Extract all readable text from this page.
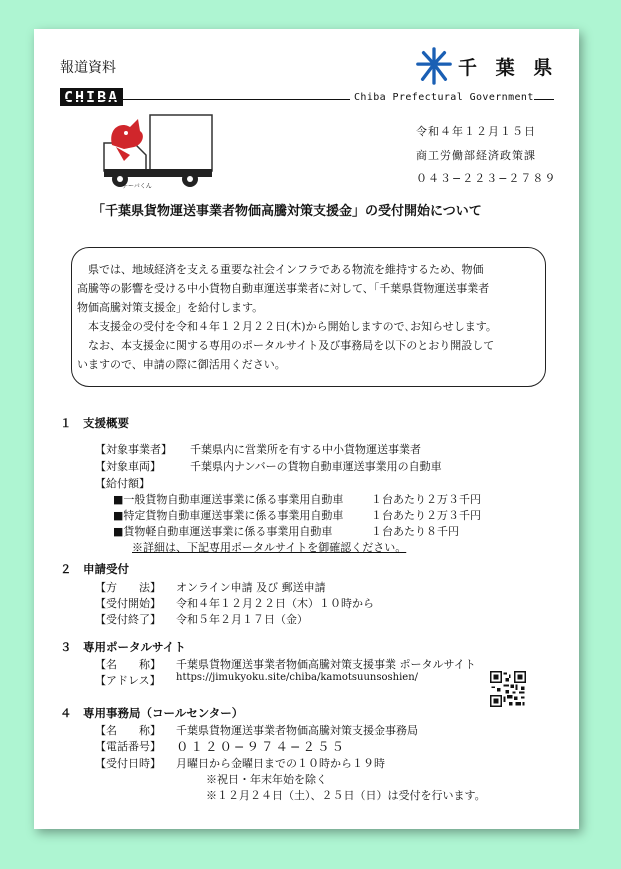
報道資料	千 葉 県
CHIBA	Chiba Prefectural Government
チーバくん
令和４年１２月１５日
商工労働部経済政策課
０４３−２２３−２７８９
「千葉県貨物運送事業者物価高騰対策支援金」の受付開始について
　県では、地域経済を支える重要な社会インフラである物流を維持するため、物価
高騰等の影響を受ける中小貨物自動車運送事業者に対して、「千葉県貨物運送事業者
物価高騰対策支援金」を給付します。
　本支援金の受付を令和４年１２月２２日(木)から開始しますので､お知らせします。
　なお、本支援金に関する専用のポータルサイト及び事務局を以下のとおり開設して
いますので、申請の際に御活用ください。
１　支援概要
【対象事業者】 千葉県内に営業所を有する中小貨物運送事業者
【対象車両】	千葉県内ナンバーの貨物自動車運送事業用の自動車
【給付額】
■一般貨物自動車運送事業に係る事業用自動車	１台あたり２万３千円
■特定貨物自動車運送事業に係る事業用自動車	１台あたり２万３千円
■貨物軽自動車運送事業に係る事業用自動車	１台あたり８千円
※詳細は、下記専用ポータルサイトを御確認ください。
２　申請受付
【方　　法】 オンライン申請 及び 郵送申請
【受付開始】 令和４年１２月２２日（木）１０時から
【受付終了】 令和５年２月１７日（金）
３　専用ポータルサイト
【名　　称】 千葉県貨物運送事業者物価高騰対策支援事業 ポータルサイト
【アドレス】 https://jimukyoku.site/chiba/kamotsuunsoshien/
４　専用事務局（コールセンター）
【名　　称】 千葉県貨物運送事業者物価高騰対策支援金事務局
【電話番号】 ０１２０−９７４−２５５
【受付日時】 月曜日から金曜日までの１０時から１９時
※祝日・年末年始を除く
※１２月２４日（土）、２５日（日）は受付を行います。
